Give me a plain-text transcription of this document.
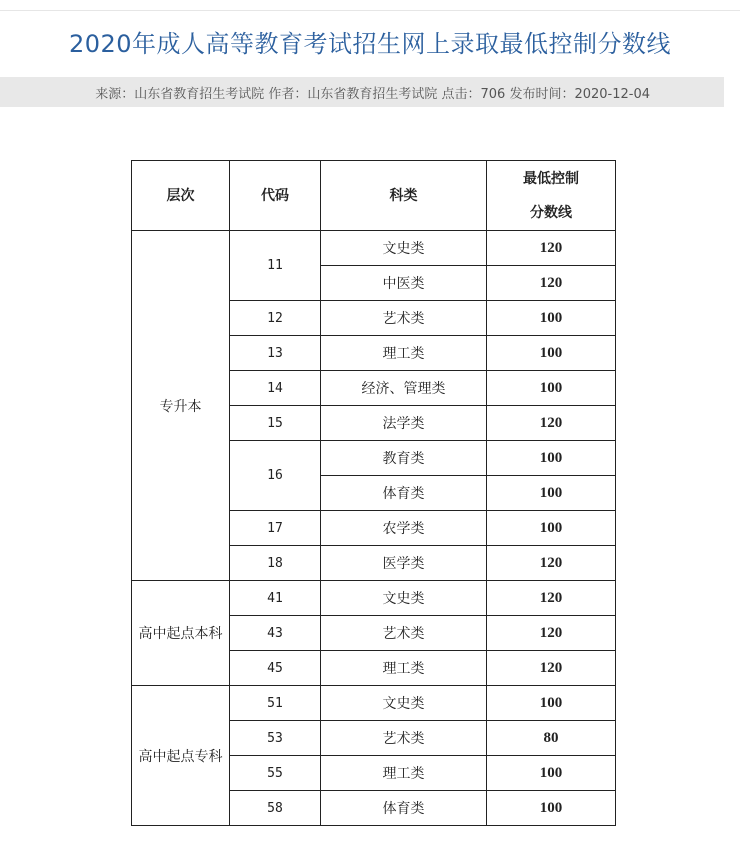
2020年成人高等教育考试招生网上录取最低控制分数线
来源：山东省教育招生考试院 作者：山东省教育招生考试院 点击：706 发布时间：2020-12-04
层次	代码	科类	最低控制
分数线

专升本	11	文史类	120
		中医类	120
	12	艺术类	100
	13	理工类	100
	14	经济、管理类	100
	15	法学类	120
	16	教育类	100
		体育类	100
	17	农学类	100
	18	医学类	120
高中起点本科	41	文史类	120
	43	艺术类	120
	45	理工类	120
高中起点专科	51	文史类	100
	53	艺术类	80
	55	理工类	100
	58	体育类	100
